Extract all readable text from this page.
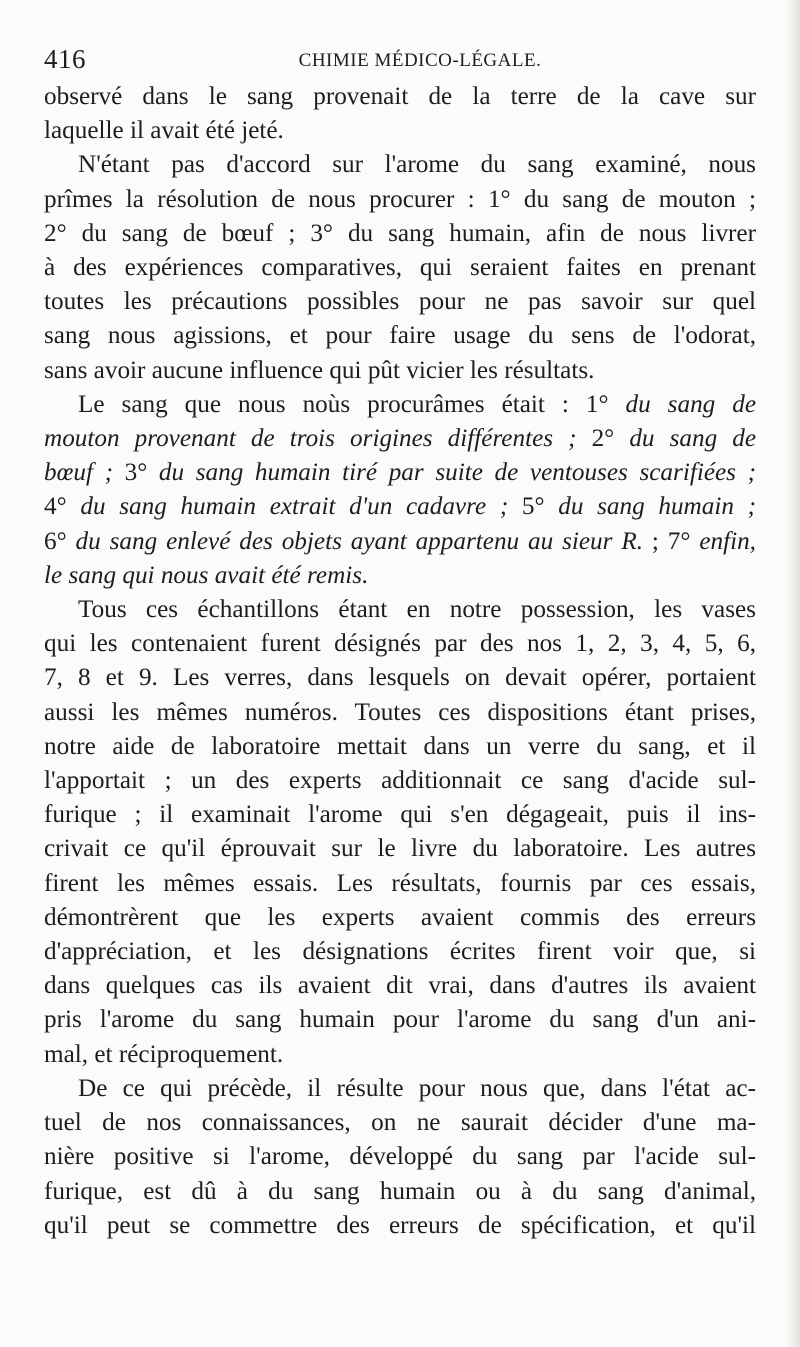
416	CHIMIE MÉDICO-LÉGALE.

observé dans le sang provenait de la terre de la cave sur

laquelle il avait été jeté.

N'étant pas d'accord sur l'arome du sang examiné, nous

prîmes la résolution de nous procurer : 1° du sang de mouton ;

2° du sang de bœuf ; 3° du sang humain, afin de nous livrer

à des expériences comparatives, qui seraient faites en prenant

toutes les précautions possibles pour ne pas savoir sur quel

sang nous agissions, et pour faire usage du sens de l'odorat,

sans avoir aucune influence qui pût vicier les résultats.

Le sang que nous noùs procurâmes était : 1° du sang de

mouton provenant de trois origines différentes ; 2° du sang de

bœuf ; 3° du sang humain tiré par suite de ventouses scarifiées ;

4° du sang humain extrait d'un cadavre ; 5° du sang humain ;

6° du sang enlevé des objets ayant appartenu au sieur R. ; 7° enfin,

le sang qui nous avait été remis.

Tous ces échantillons étant en notre possession, les vases

qui les contenaient furent désignés par des nos 1, 2, 3, 4, 5, 6,

7, 8 et 9. Les verres, dans lesquels on devait opérer, portaient

aussi les mêmes numéros. Toutes ces dispositions étant prises,

notre aide de laboratoire mettait dans un verre du sang, et il

l'apportait ; un des experts additionnait ce sang d'acide sul-

furique ; il examinait l'arome qui s'en dégageait, puis il ins-

crivait ce qu'il éprouvait sur le livre du laboratoire. Les autres

firent les mêmes essais. Les résultats, fournis par ces essais,

démontrèrent que les experts avaient commis des erreurs

d'appréciation, et les désignations écrites firent voir que, si

dans quelques cas ils avaient dit vrai, dans d'autres ils avaient

pris l'arome du sang humain pour l'arome du sang d'un ani-

mal, et réciproquement.

De ce qui précède, il résulte pour nous que, dans l'état ac-

tuel de nos connaissances, on ne saurait décider d'une ma-

nière positive si l'arome, développé du sang par l'acide sul-

furique, est dû à du sang humain ou à du sang d'animal,

qu'il peut se commettre des erreurs de spécification, et qu'il
